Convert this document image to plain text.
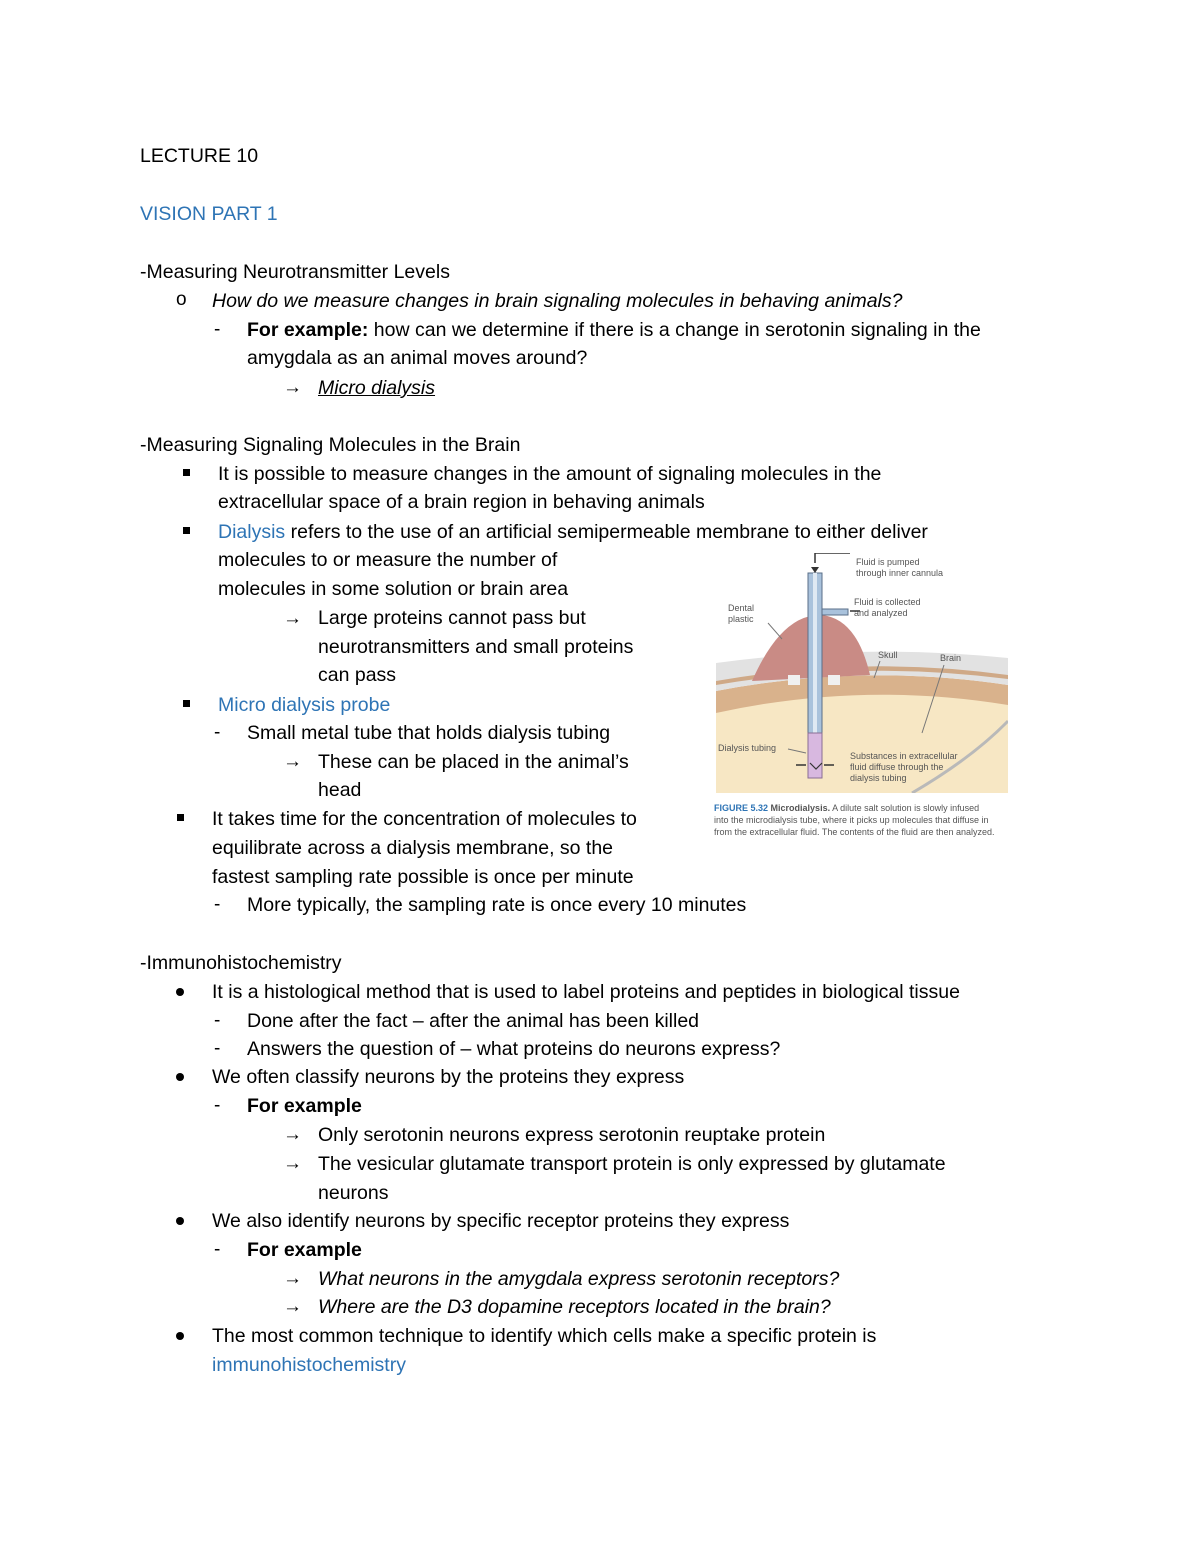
LECTURE 10
VISION PART 1
-Measuring Neurotransmitter Levels
o How do we measure changes in brain signaling molecules in behaving animals?
- For example: how can we determine if there is a change in serotonin signaling in the
amygdala as an animal moves around?
→ Micro dialysis
-Measuring Signaling Molecules in the Brain
It is possible to measure changes in the amount of signaling molecules in the
extracellular space of a brain region in behaving animals
Dialysis refers to the use of an artificial semipermeable membrane to either deliver
molecules to or measure the number of
molecules in some solution or brain area
→ Large proteins cannot pass but
neurotransmitters and small proteins
can pass
Micro dialysis probe
- Small metal tube that holds dialysis tubing
→ These can be placed in the animal’s
head
It takes time for the concentration of molecules to
equilibrate across a dialysis membrane, so the
fastest sampling rate possible is once per minute
- More typically, the sampling rate is once every 10 minutes
Fluid is pumped
through inner cannula
Fluid is collected
and analyzed
Dental
plastic
Skull	Brain
Dialysis tubing
Substances in extracellular
fluid diffuse through the
dialysis tubing
FIGURE 5.32 Microdialysis. A dilute salt solution is slowly infused
into the microdialysis tube, where it picks up molecules that diffuse in
from the extracellular fluid. The contents of the fluid are then analyzed.
-Immunohistochemistry
It is a histological method that is used to label proteins and peptides in biological tissue
- Done after the fact – after the animal has been killed
- Answers the question of – what proteins do neurons express?
We often classify neurons by the proteins they express
- For example
→ Only serotonin neurons express serotonin reuptake protein
→ The vesicular glutamate transport protein is only expressed by glutamate
neurons
We also identify neurons by specific receptor proteins they express
- For example
→ What neurons in the amygdala express serotonin receptors?
→ Where are the D3 dopamine receptors located in the brain?
The most common technique to identify which cells make a specific protein is
immunohistochemistry
